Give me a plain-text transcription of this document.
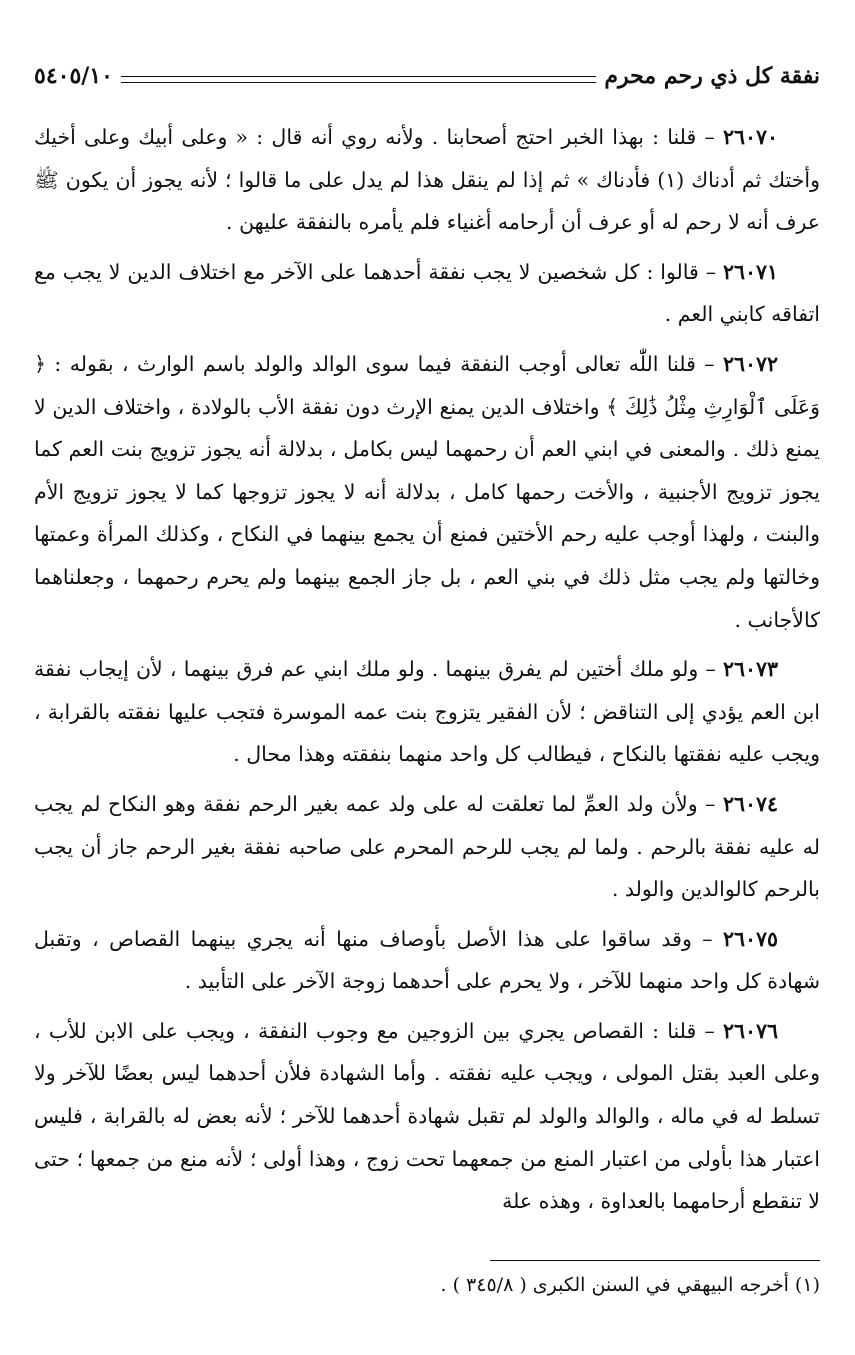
نفقة كل ذي رحم محرم
٥٤٠٥/١٠

٢٦٠٧٠ – قلنا : بهذا الخبر احتج أصحابنا . ولأنه روي أنه قال : « وعلى أبيك وعلى أخيك وأختك ثم أدناك (١) فأدناك » ثم إذا لم ينقل هذا لم يدل على ما قالوا ؛ لأنه يجوز أن يكون ﷺ عرف أنه لا رحم له أو عرف أن أرحامه أغنياء فلم يأمره بالنفقة عليهن .

٢٦٠٧١ – قالوا : كل شخصين لا يجب نفقة أحدهما على الآخر مع اختلاف الدين لا يجب مع اتفاقه كابني العم .

٢٦٠٧٢ – قلنا اللّٰه تعالى أوجب النفقة فيما سوى الوالد والولد باسم الوارث ، بقوله : ﴿ وَعَلَى ٱلْوَارِثِ مِثْلُ ذَٰلِكَ ﴾ واختلاف الدين يمنع الإرث دون نفقة الأب بالولادة ، واختلاف الدين لا يمنع ذلك . والمعنى في ابني العم أن رحمهما ليس بكامل ، بدلالة أنه يجوز تزويج بنت العم كما يجوز تزويج الأجنبية ، والأخت رحمها كامل ، بدلالة أنه لا يجوز تزوجها كما لا يجوز تزويج الأم والبنت ، ولهذا أوجب عليه رحم الأختين فمنع أن يجمع بينهما في النكاح ، وكذلك المرأة وعمتها وخالتها ولم يجب مثل ذلك في بني العم ، بل جاز الجمع بينهما ولم يحرم رحمهما ، وجعلناهما كالأجانب .

٢٦٠٧٣ – ولو ملك أختين لم يفرق بينهما . ولو ملك ابني عم فرق بينهما ، لأن إيجاب نفقة ابن العم يؤدي إلى التناقض ؛ لأن الفقير يتزوج بنت عمه الموسرة فتجب عليها نفقته بالقرابة ، ويجب عليه نفقتها بالنكاح ، فيطالب كل واحد منهما بنفقته وهذا محال .

٢٦٠٧٤ – ولأن ولد العمِّ لما تعلقت له على ولد عمه بغير الرحم نفقة وهو النكاح لم يجب له عليه نفقة بالرحم . ولما لم يجب للرحم المحرم على صاحبه نفقة بغير الرحم جاز أن يجب بالرحم كالوالدين والولد .

٢٦٠٧٥ – وقد ساقوا على هذا الأصل بأوصاف منها أنه يجري بينهما القصاص ، وتقبل شهادة كل واحد منهما للآخر ، ولا يحرم على أحدهما زوجة الآخر على التأبيد .

٢٦٠٧٦ – قلنا : القصاص يجري بين الزوجين مع وجوب النفقة ، ويجب على الابن للأب ، وعلى العبد بقتل المولى ، ويجب عليه نفقته . وأما الشهادة فلأن أحدهما ليس بعضًا للآخر ولا تسلط له في ماله ، والوالد والولد لم تقبل شهادة أحدهما للآخر ؛ لأنه بعض له بالقرابة ، فليس اعتبار هذا بأولى من اعتبار المنع من جمعهما تحت زوج ، وهذا أولى ؛ لأنه منع من جمعها ؛ حتى لا تنقطع أرحامهما بالعداوة ، وهذه علة

(١) أخرجه البيهقي في السنن الكبرى ( ٣٤٥/٨ ) .
